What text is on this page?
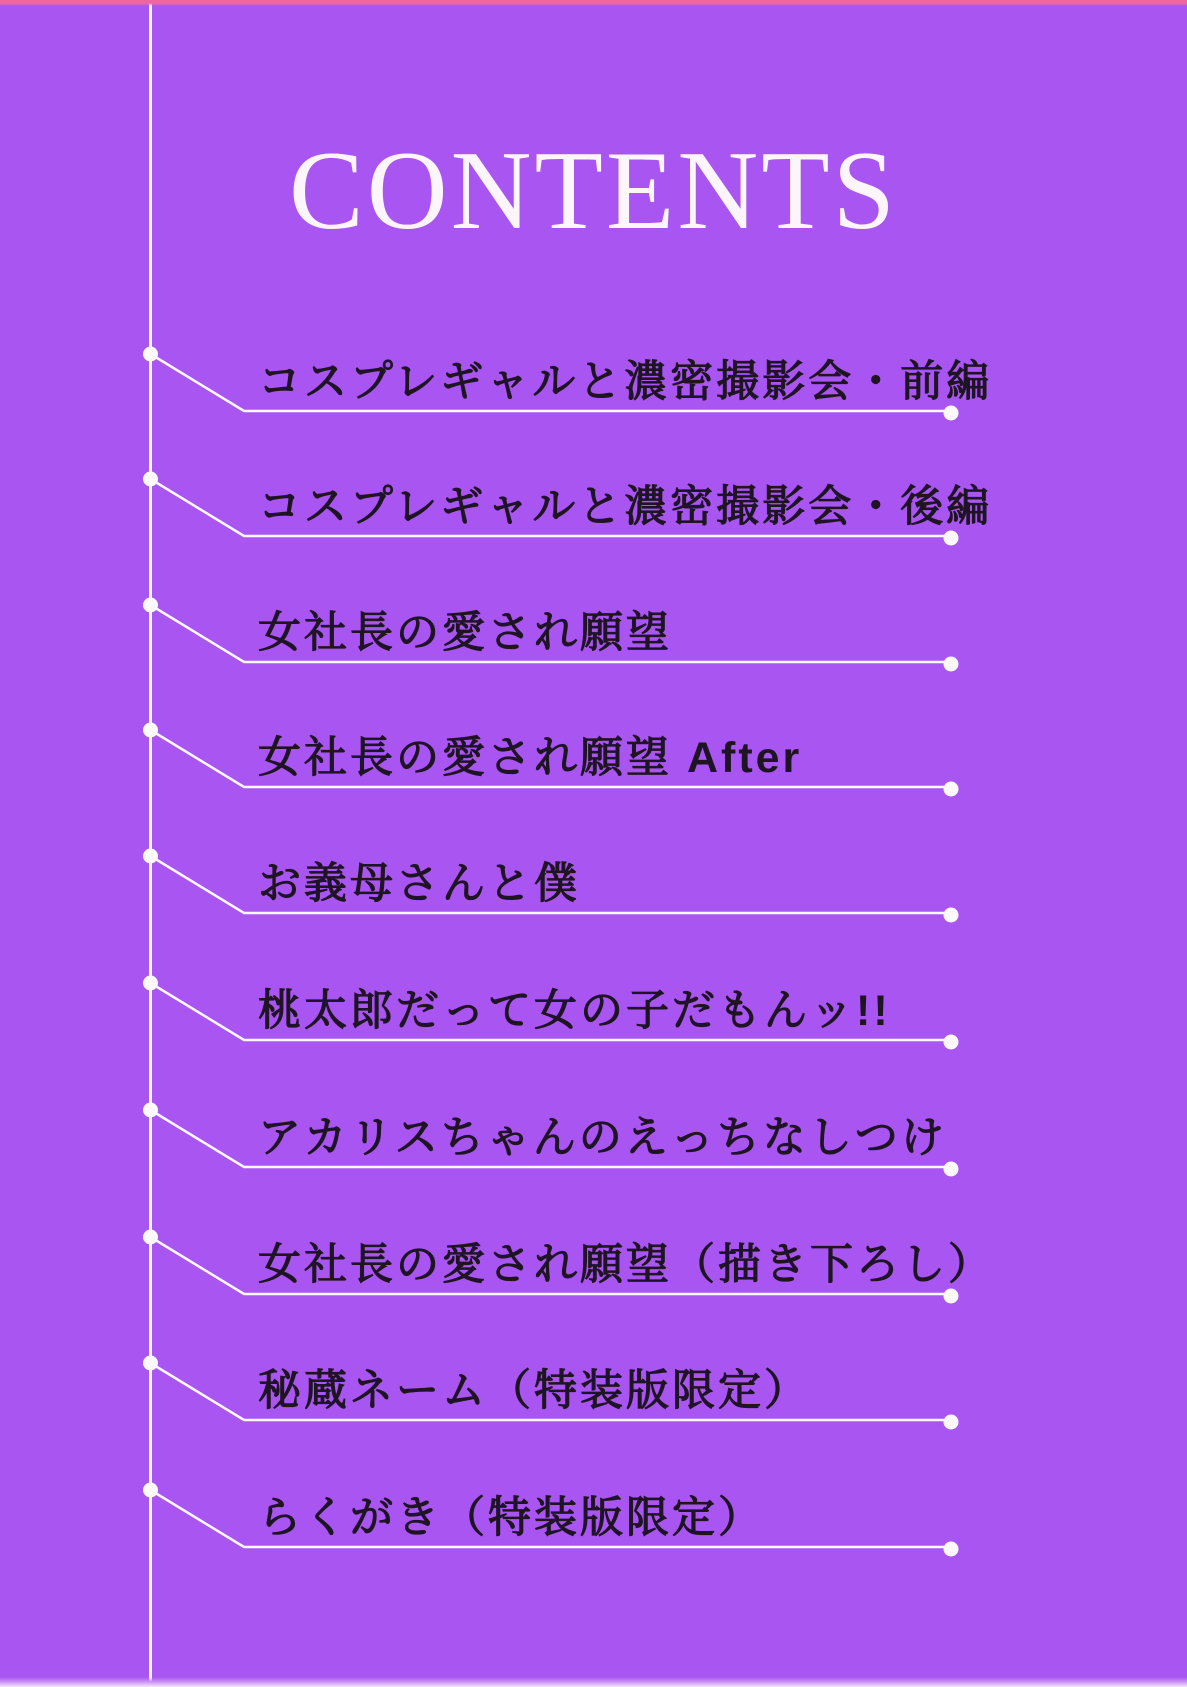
CONTENTS
コスプレギャルと濃密撮影会・前編
コスプレギャルと濃密撮影会・後編
女社長の愛され願望
女社長の愛され願望 After
お義母さんと僕
桃太郎だって女の子だもんッ!!
アカリスちゃんのえっちなしつけ
女社長の愛され願望（描き下ろし）
秘蔵ネーム（特装版限定）
らくがき（特装版限定）
